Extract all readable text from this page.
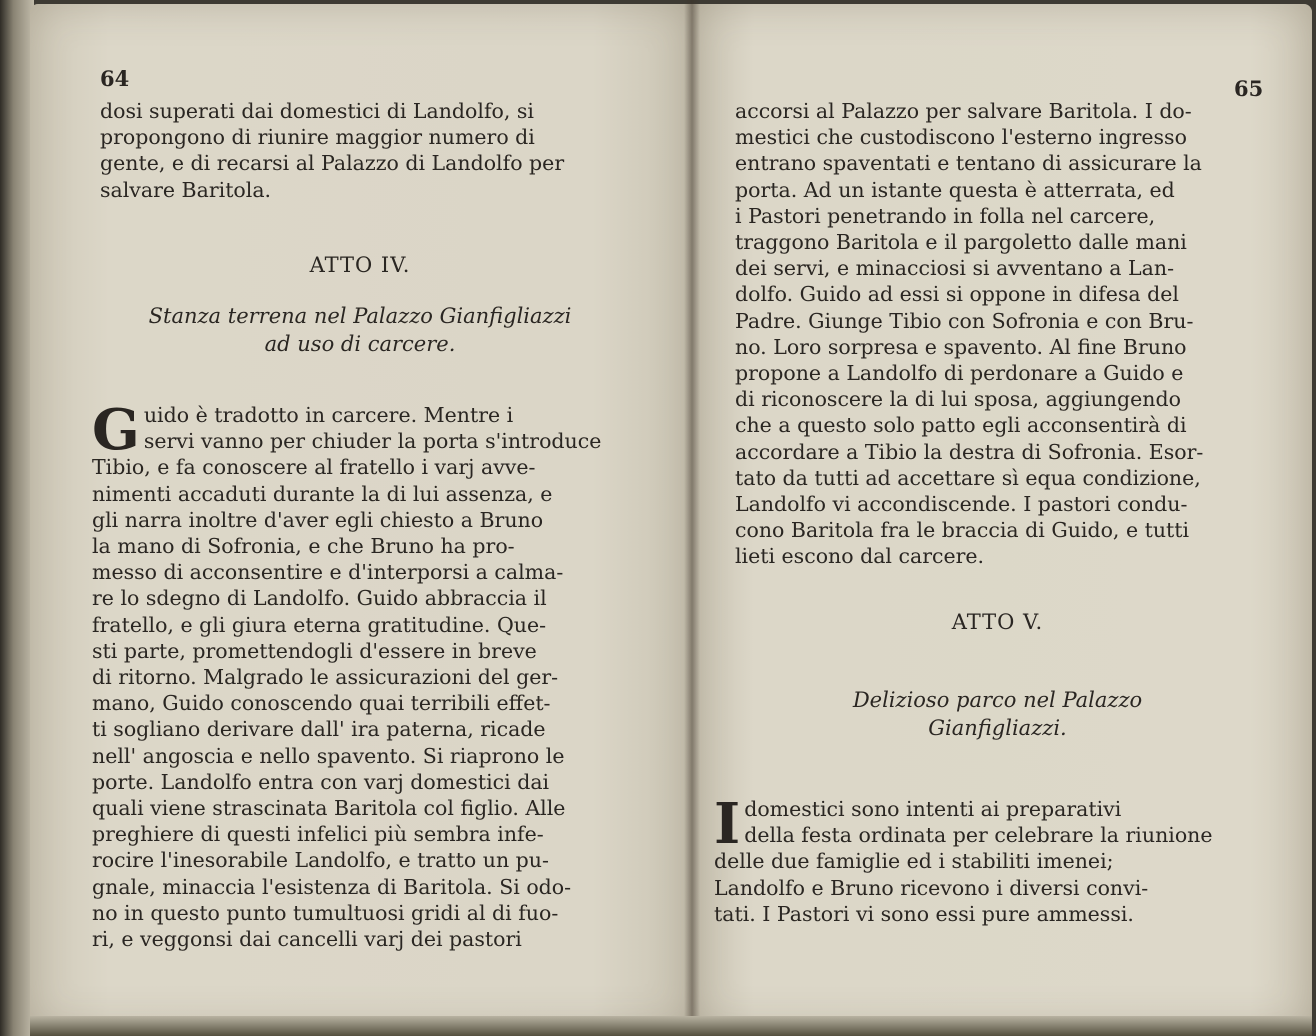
64
dosi superati dai domestici di Landolfo, si
propongono di riunire maggior numero di
gente, e di recarsi al Palazzo di Landolfo per
salvare Baritola.
ATTO IV.
Stanza terrena nel Palazzo Gianfigliazzi
ad uso di carcere.
G uido è tradotto in carcere. Mentre i
servi vanno per chiuder la porta s'introduce
Tibio, e fa conoscere al fratello i varj avve-
nimenti accaduti durante la di lui assenza, e
gli narra inoltre d'aver egli chiesto a Bruno
la mano di Sofronia, e che Bruno ha pro-
messo di acconsentire e d'interporsi a calma-
re lo sdegno di Landolfo. Guido abbraccia il
fratello, e gli giura eterna gratitudine. Que-
sti parte, promettendogli d'essere in breve
di ritorno. Malgrado le assicurazioni del ger-
mano, Guido conoscendo quai terribili effet-
ti sogliano derivare dall' ira paterna, ricade
nell' angoscia e nello spavento. Si riaprono le
porte. Landolfo entra con varj domestici dai
quali viene strascinata Baritola col figlio. Alle
preghiere di questi infelici più sembra infe-
rocire l'inesorabile Landolfo, e tratto un pu-
gnale, minaccia l'esistenza di Baritola. Si odo-
no in questo punto tumultuosi gridi al di fuo-
ri, e veggonsi dai cancelli varj dei pastori
65
accorsi al Palazzo per salvare Baritola. I do-
mestici che custodiscono l'esterno ingresso
entrano spaventati e tentano di assicurare la
porta. Ad un istante questa è atterrata, ed
i Pastori penetrando in folla nel carcere,
traggono Baritola e il pargoletto dalle mani
dei servi, e minacciosi si avventano a Lan-
dolfo. Guido ad essi si oppone in difesa del
Padre. Giunge Tibio con Sofronia e con Bru-
no. Loro sorpresa e spavento. Al fine Bruno
propone a Landolfo di perdonare a Guido e
di riconoscere la di lui sposa, aggiungendo
che a questo solo patto egli acconsentirà di
accordare a Tibio la destra di Sofronia. Esor-
tato da tutti ad accettare sì equa condizione,
Landolfo vi accondiscende. I pastori condu-
cono Baritola fra le braccia di Guido, e tutti
lieti escono dal carcere.
ATTO V.
Delizioso parco nel Palazzo
Gianfigliazzi.
I domestici sono intenti ai preparativi
della festa ordinata per celebrare la riunione
delle due famiglie ed i stabiliti imenei;
Landolfo e Bruno ricevono i diversi convi-
tati. I Pastori vi sono essi pure ammessi.
